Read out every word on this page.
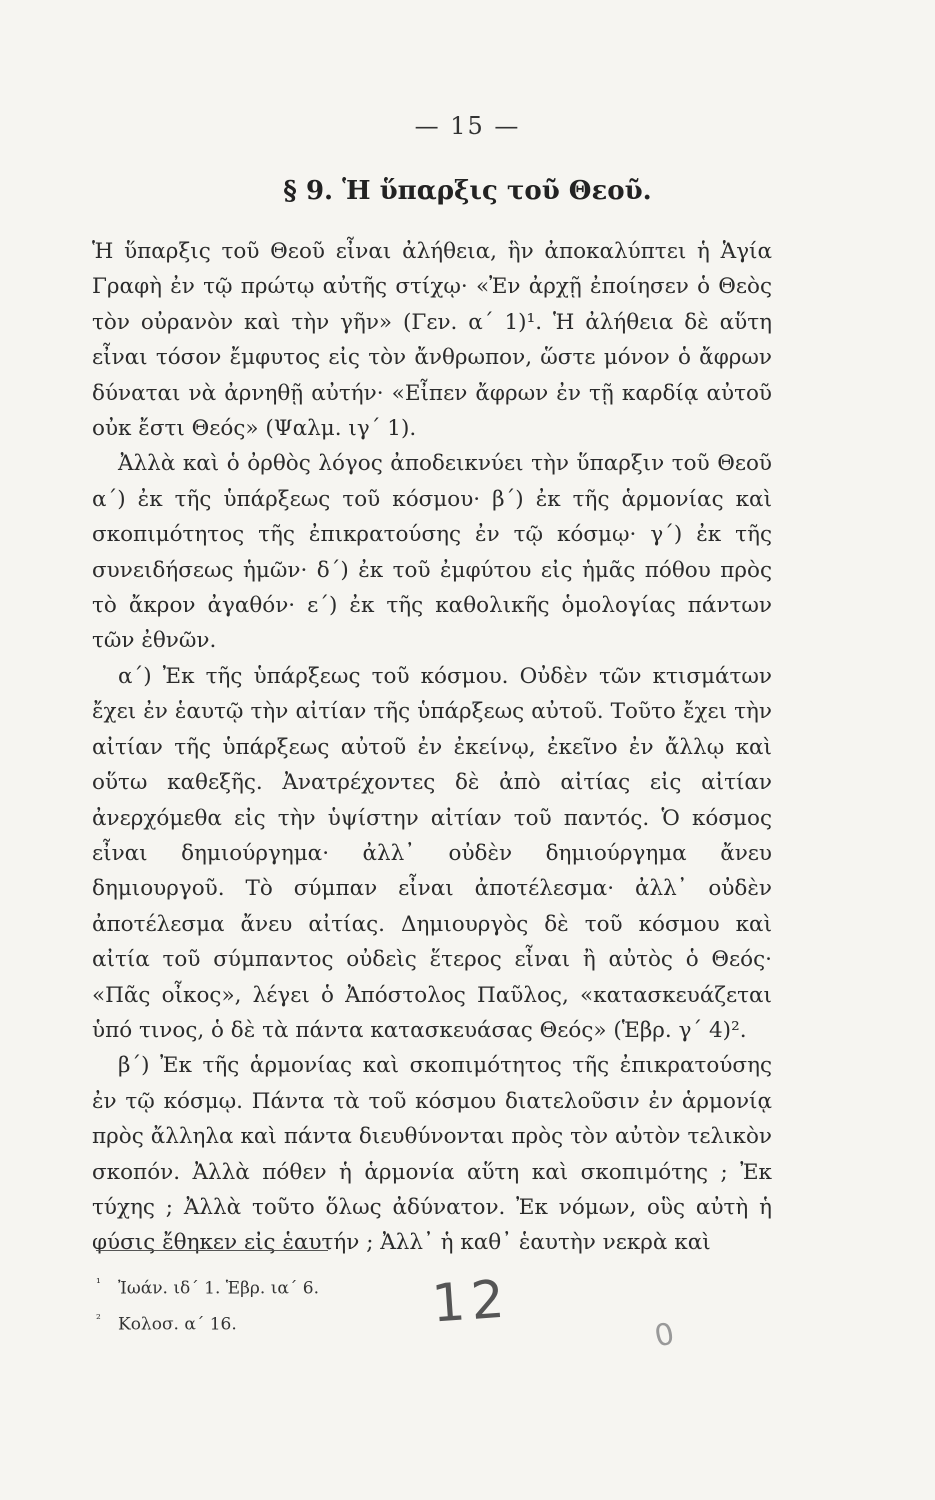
— 15 —
§ 9. Ἡ ὕπαρξις τοῦ Θεοῦ.

Ἡ ὕπαρξις τοῦ Θεοῦ εἶναι ἀλήθεια, ἣν ἀποκαλύπτει ἡ Ἁγία Γραφὴ ἐν τῷ πρώτῳ αὐτῆς στίχῳ· «Ἐν ἀρχῇ ἐποίησεν ὁ Θεὸς τὸν οὐρανὸν καὶ τὴν γῆν» (Γεν. α΄ 1)¹. Ἡ ἀλήθεια δὲ αὕτη εἶναι τόσον ἔμφυτος εἰς τὸν ἄνθρωπον, ὥστε μόνον ὁ ἄφρων δύναται νὰ ἀρνηθῇ αὐτήν· «Εἶπεν ἄφρων ἐν τῇ καρδίᾳ αὐτοῦ οὐκ ἔστι Θεός» (Ψαλμ. ιγ΄ 1).

Ἀλλὰ καὶ ὁ ὀρθὸς λόγος ἀποδεικνύει τὴν ὕπαρξιν τοῦ Θεοῦ α΄) ἐκ τῆς ὑπάρξεως τοῦ κόσμου· β΄) ἐκ τῆς ἁρμονίας καὶ σκοπιμότητος τῆς ἐπικρατούσης ἐν τῷ κόσμῳ· γ΄) ἐκ τῆς συνειδήσεως ἡμῶν· δ΄) ἐκ τοῦ ἐμφύτου εἰς ἡμᾶς πόθου πρὸς τὸ ἄκρον ἀγαθόν· ε΄) ἐκ τῆς καθολικῆς ὁμολογίας πάντων τῶν ἐθνῶν.

α΄) Ἐκ τῆς ὑπάρξεως τοῦ κόσμου. Οὐδὲν τῶν κτισμάτων ἔχει ἐν ἑαυτῷ τὴν αἰτίαν τῆς ὑπάρξεως αὐτοῦ. Τοῦτο ἔχει τὴν αἰτίαν τῆς ὑπάρξεως αὐτοῦ ἐν ἐκείνῳ, ἐκεῖνο ἐν ἄλλῳ καὶ οὕτω καθεξῆς. Ἀνατρέχοντες δὲ ἀπὸ αἰτίας εἰς αἰτίαν ἀνερχόμεθα εἰς τὴν ὑψίστην αἰτίαν τοῦ παντός. Ὁ κόσμος εἶναι δημιούργημα· ἀλλ᾿ οὐδὲν δημιούργημα ἄνευ δημιουργοῦ. Τὸ σύμπαν εἶναι ἀποτέλεσμα· ἀλλ᾿ οὐδὲν ἀποτέλεσμα ἄνευ αἰτίας. Δημιουργὸς δὲ τοῦ κόσμου καὶ αἰτία τοῦ σύμπαντος οὐδεὶς ἕτερος εἶναι ἢ αὐτὸς ὁ Θεός· «Πᾶς οἶκος», λέγει ὁ Ἀπόστολος Παῦλος, «κατασκευάζεται ὑπό τινος, ὁ δὲ τὰ πάντα κατασκευάσας Θεός» (Ἑβρ. γ΄ 4)².

β΄) Ἐκ τῆς ἁρμονίας καὶ σκοπιμότητος τῆς ἐπικρατούσης ἐν τῷ κόσμῳ. Πάντα τὰ τοῦ κόσμου διατελοῦσιν ἐν ἁρμονίᾳ πρὸς ἄλληλα καὶ πάντα διευθύνονται πρὸς τὸν αὐτὸν τελικὸν σκοπόν. Ἀλλὰ πόθεν ἡ ἁρμονία αὕτη καὶ σκοπιμότης ; Ἐκ τύχης ; Ἀλλὰ τοῦτο ὅλως ἀδύνατον. Ἐκ νόμων, οὓς αὐτὴ ἡ φύσις ἔθηκεν εἰς ἑαυτήν ; Ἀλλ᾿ ἡ καθ᾿ ἑαυτὴν νεκρὰ καὶ

¹ Ἰωάν. ιδ΄ 1. Ἑβρ. ια΄ 6.
² Κολοσ. α΄ 16.	12
0
